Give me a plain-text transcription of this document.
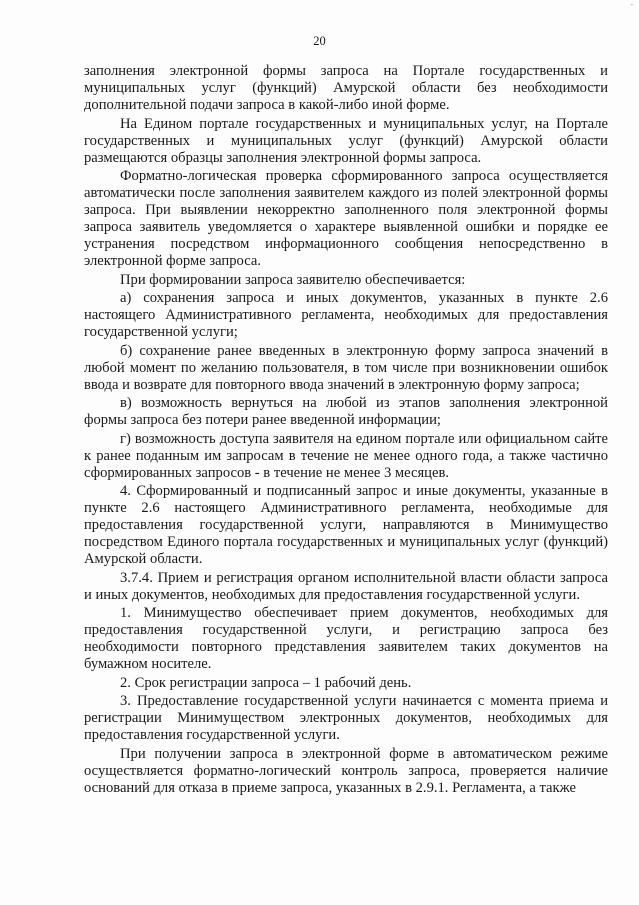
-
20

заполнения электронной формы запроса на Портале государственных и муниципальных услуг (функций) Амурской области без необходимости дополнительной подачи запроса в какой-либо иной форме.

На Едином портале государственных и муниципальных услуг, на Портале государственных и муниципальных услуг (функций) Амурской области размещаются образцы заполнения электронной формы запроса.

Форматно-логическая проверка сформированного запроса осуществляется автоматически после заполнения заявителем каждого из полей электронной формы запроса. При выявлении некорректно заполненного поля электронной формы запроса заявитель уведомляется о характере выявленной ошибки и порядке ее устранения посредством информационного сообщения непосредственно в электронной форме запроса.

При формировании запроса заявителю обеспечивается:

а) сохранения запроса и иных документов, указанных в пункте 2.6 настоящего Административного регламента, необходимых для предоставления государственной услуги;

б) сохранение ранее введенных в электронную форму запроса значений в любой момент по желанию пользователя, в том числе при возникновении ошибок ввода и возврате для повторного ввода значений в электронную форму запроса;

в) возможность вернуться на любой из этапов заполнения электронной формы запроса без потери ранее введенной информации;

г) возможность доступа заявителя на едином портале или официальном сайте к ранее поданным им запросам в течение не менее одного года, а также частично сформированных запросов - в течение не менее 3 месяцев.

4. Сформированный и подписанный запрос и иные документы, указанные в пункте 2.6 настоящего Административного регламента, необходимые для предоставления государственной услуги, направляются в Минимущество посредством Единого портала государственных и муниципальных услуг (функций) Амурской области.

3.7.4. Прием и регистрация органом исполнительной власти области запроса и иных документов, необходимых для предоставления государственной услуги.

1. Минимущество обеспечивает прием документов, необходимых для предоставления государственной услуги, и регистрацию запроса без необходимости повторного представления заявителем таких документов на бумажном носителе.

2. Срок регистрации запроса – 1 рабочий день.

3. Предоставление государственной услуги начинается с момента приема и регистрации Минимуществом электронных документов, необходимых для предоставления государственной услуги.

При получении запроса в электронной форме в автоматическом режиме осуществляется форматно-логический контроль запроса, проверяется наличие оснований для отказа в приеме запроса, указанных в 2.9.1. Регламента, а также
